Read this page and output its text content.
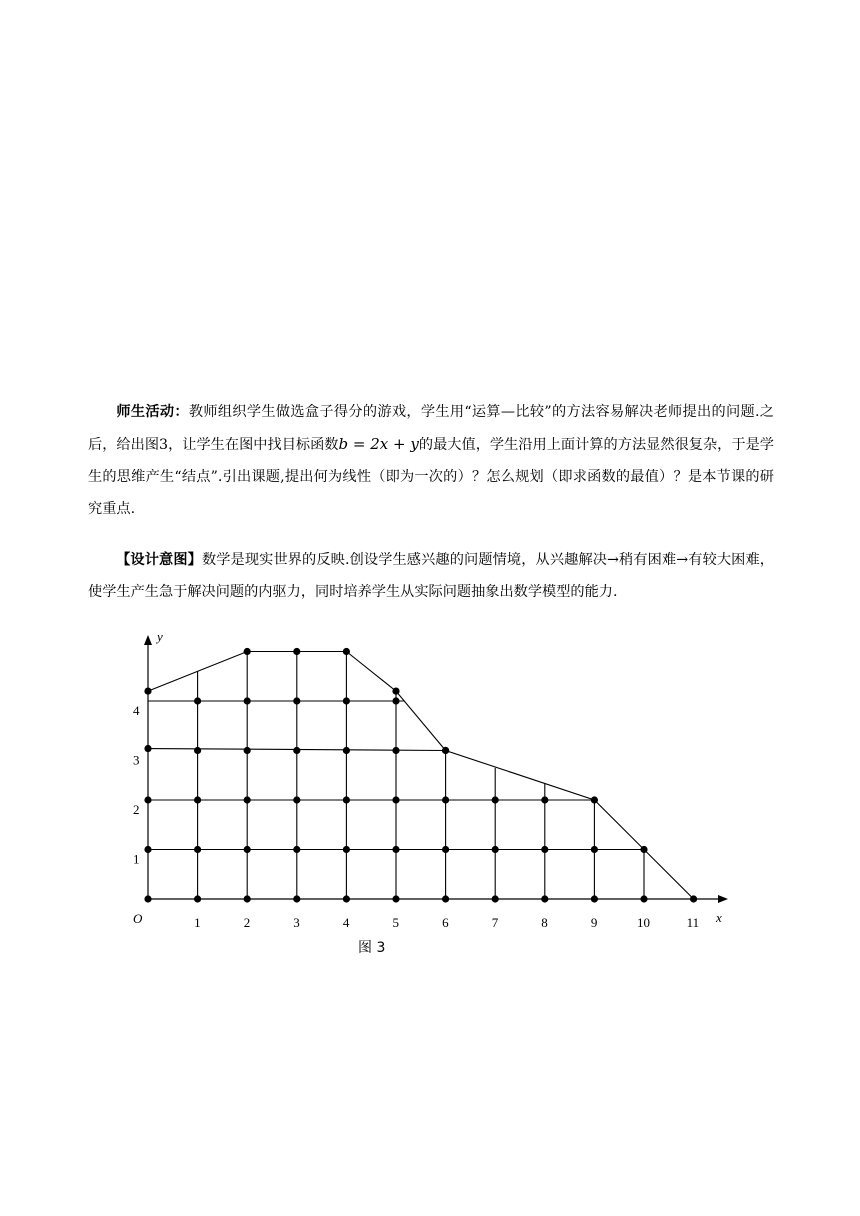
师生活动：教师组织学生做选盒子得分的游戏，学生用“运算—比较”的方法容易解决老师提出的问题.之后，给出图3，让学生在图中找目标函数b = 2x + y的最大值，学生沿用上面计算的方法显然很复杂，于是学生的思维产生“结点”.引出课题,提出何为线性（即为一次的）？怎么规划（即求函数的最值）？是本节课的研究重点.
【设计意图】数学是现实世界的反映.创设学生感兴趣的问题情境，从兴趣解决→稍有困难→有较大困难，使学生产生急于解决问题的内驱力，同时培养学生从实际问题抽象出数学模型的能力.
y
x
O	1	2	3	4	5	6	7	8	9	10	11
1
2
3
4
图 3
